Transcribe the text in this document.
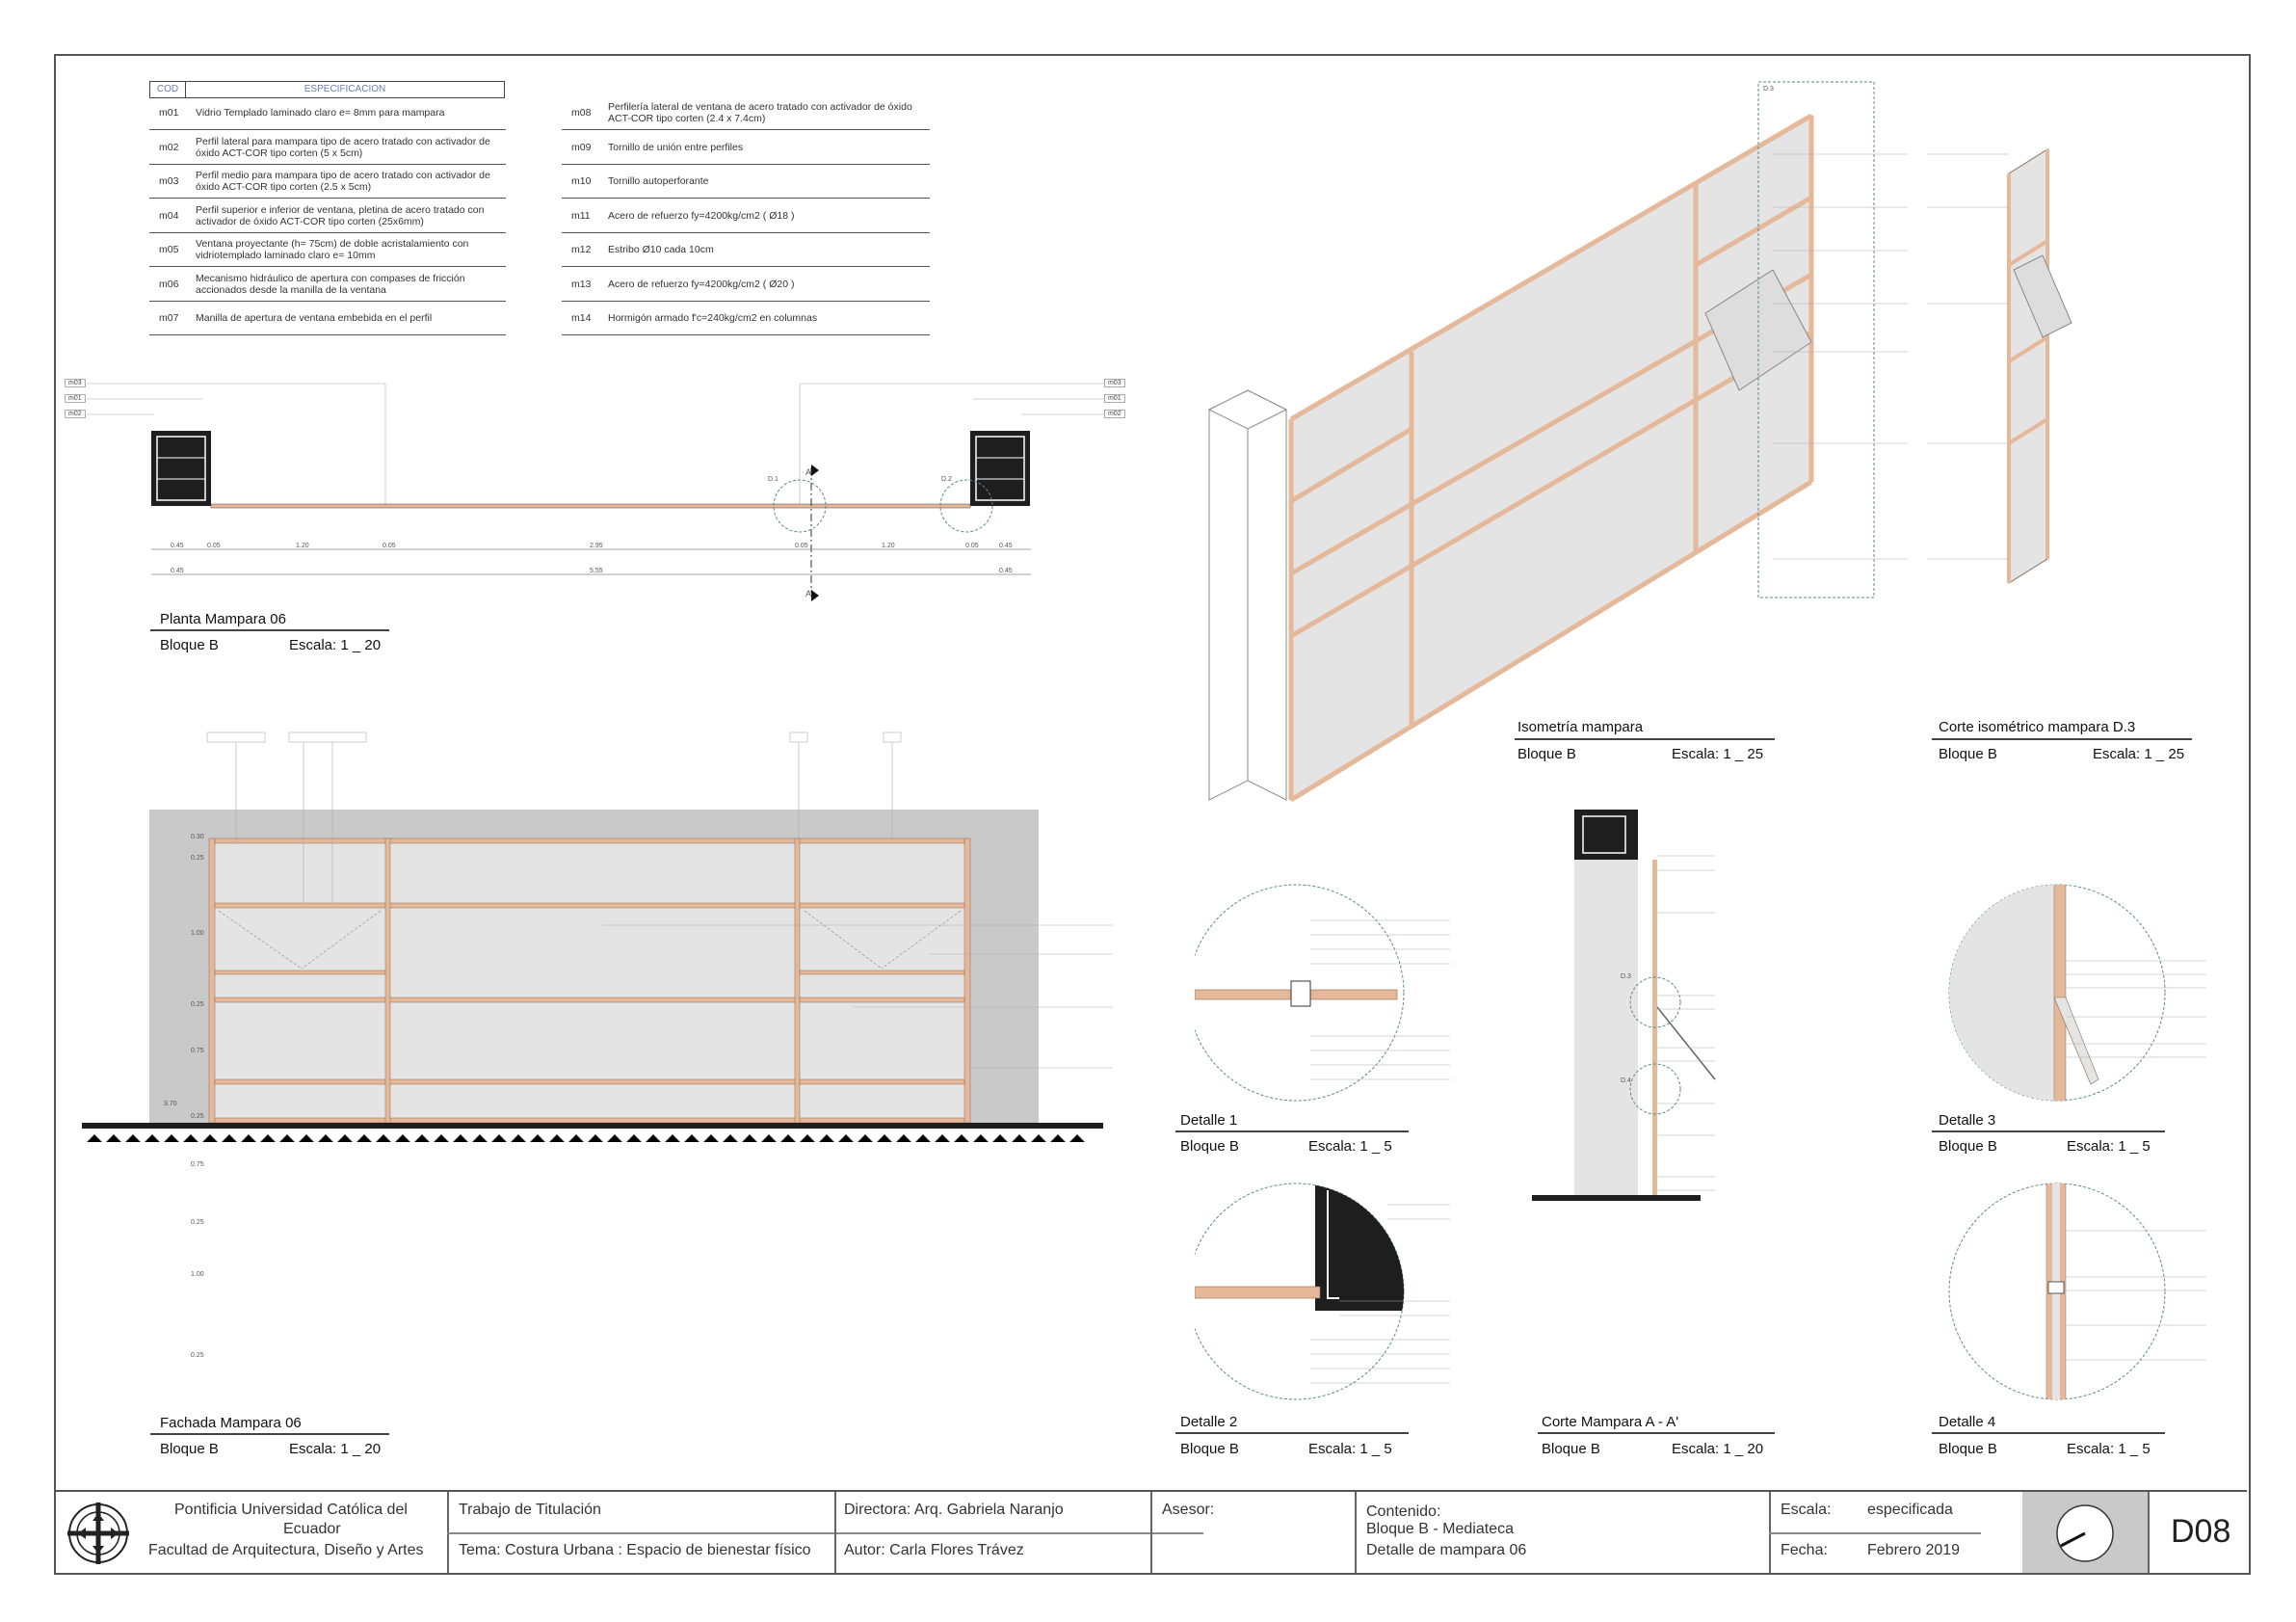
COD	ESPECIFICACION
m01	Vidrio Templado laminado claro e= 8mm para mampara
m02	Perfil lateral para mampara tipo de acero tratado con activador de óxido ACT-COR tipo corten (5 x 5cm)
m03	Perfil medio para mampara tipo de acero tratado con activador de óxido ACT-COR tipo corten (2.5 x 5cm)
m04	Perfil superior e inferior de ventana, pletina de acero tratado con activador de óxido ACT-COR tipo corten (25x6mm)
m05	Ventana proyectante (h= 75cm) de doble acristalamiento con vidriotemplado laminado claro e= 10mm
m06	Mecanismo hidráulico de apertura con compases de fricción accionados desde la manilla de la ventana
m07	Manilla de apertura de ventana embebida en el perfil
m08	Perfilería lateral de ventana de acero tratado con activador de óxido ACT-COR tipo corten (2.4 x 7.4cm)
m09	Tornillo de unión entre perfiles
m10	Tornillo autoperforante
m11	Acero de refuerzo fy=4200kg/cm2 ( Ø18 )
m12	Estribo Ø10 cada 10cm
m13	Acero de refuerzo fy=4200kg/cm2 ( Ø20 )
m14	Hormigón armado f'c=240kg/cm2 en columnas
0.45	0.05	1.20	0.05	2.95	0.05	1.20	0.05	0.45
0.45	5.55	0.45
m03
m01
m02
m03
m01
m02
A
A
D.1	D.2
Planta Mampara 06
Bloque B	Escala: 1 _ 20
0.30
0.25
1.00
0.25
0.75
0.25
0.75
0.25
1.00
0.25
3.70
Fachada Mampara 06
Bloque B	Escala: 1 _ 20
D.3
Isometría mampara
Bloque B	Escala: 1 _ 25
Corte isométrico mampara D.3
Bloque B	Escala: 1 _ 25
Detalle 1
Bloque B	Escala: 1 _ 5
Detalle 2
Bloque B	Escala: 1 _ 5
D.3
D.4
Corte Mampara A - A'
Bloque B	Escala: 1 _ 20
Detalle 3
Bloque B	Escala: 1 _ 5
Detalle 4
Bloque B	Escala: 1 _ 5
Pontificia Universidad Católica del
Ecuador
Facultad de Arquitectura, Diseño y Artes
Trabajo de Titulación
Tema: Costura Urbana : Espacio de bienestar físico
Directora: Arq. Gabriela Naranjo
Autor: Carla Flores Trávez
Asesor:	Contenido:
Bloque B - Mediateca
Detalle de mampara 06
Escala: especificada
Fecha:	Febrero 2019
D08
